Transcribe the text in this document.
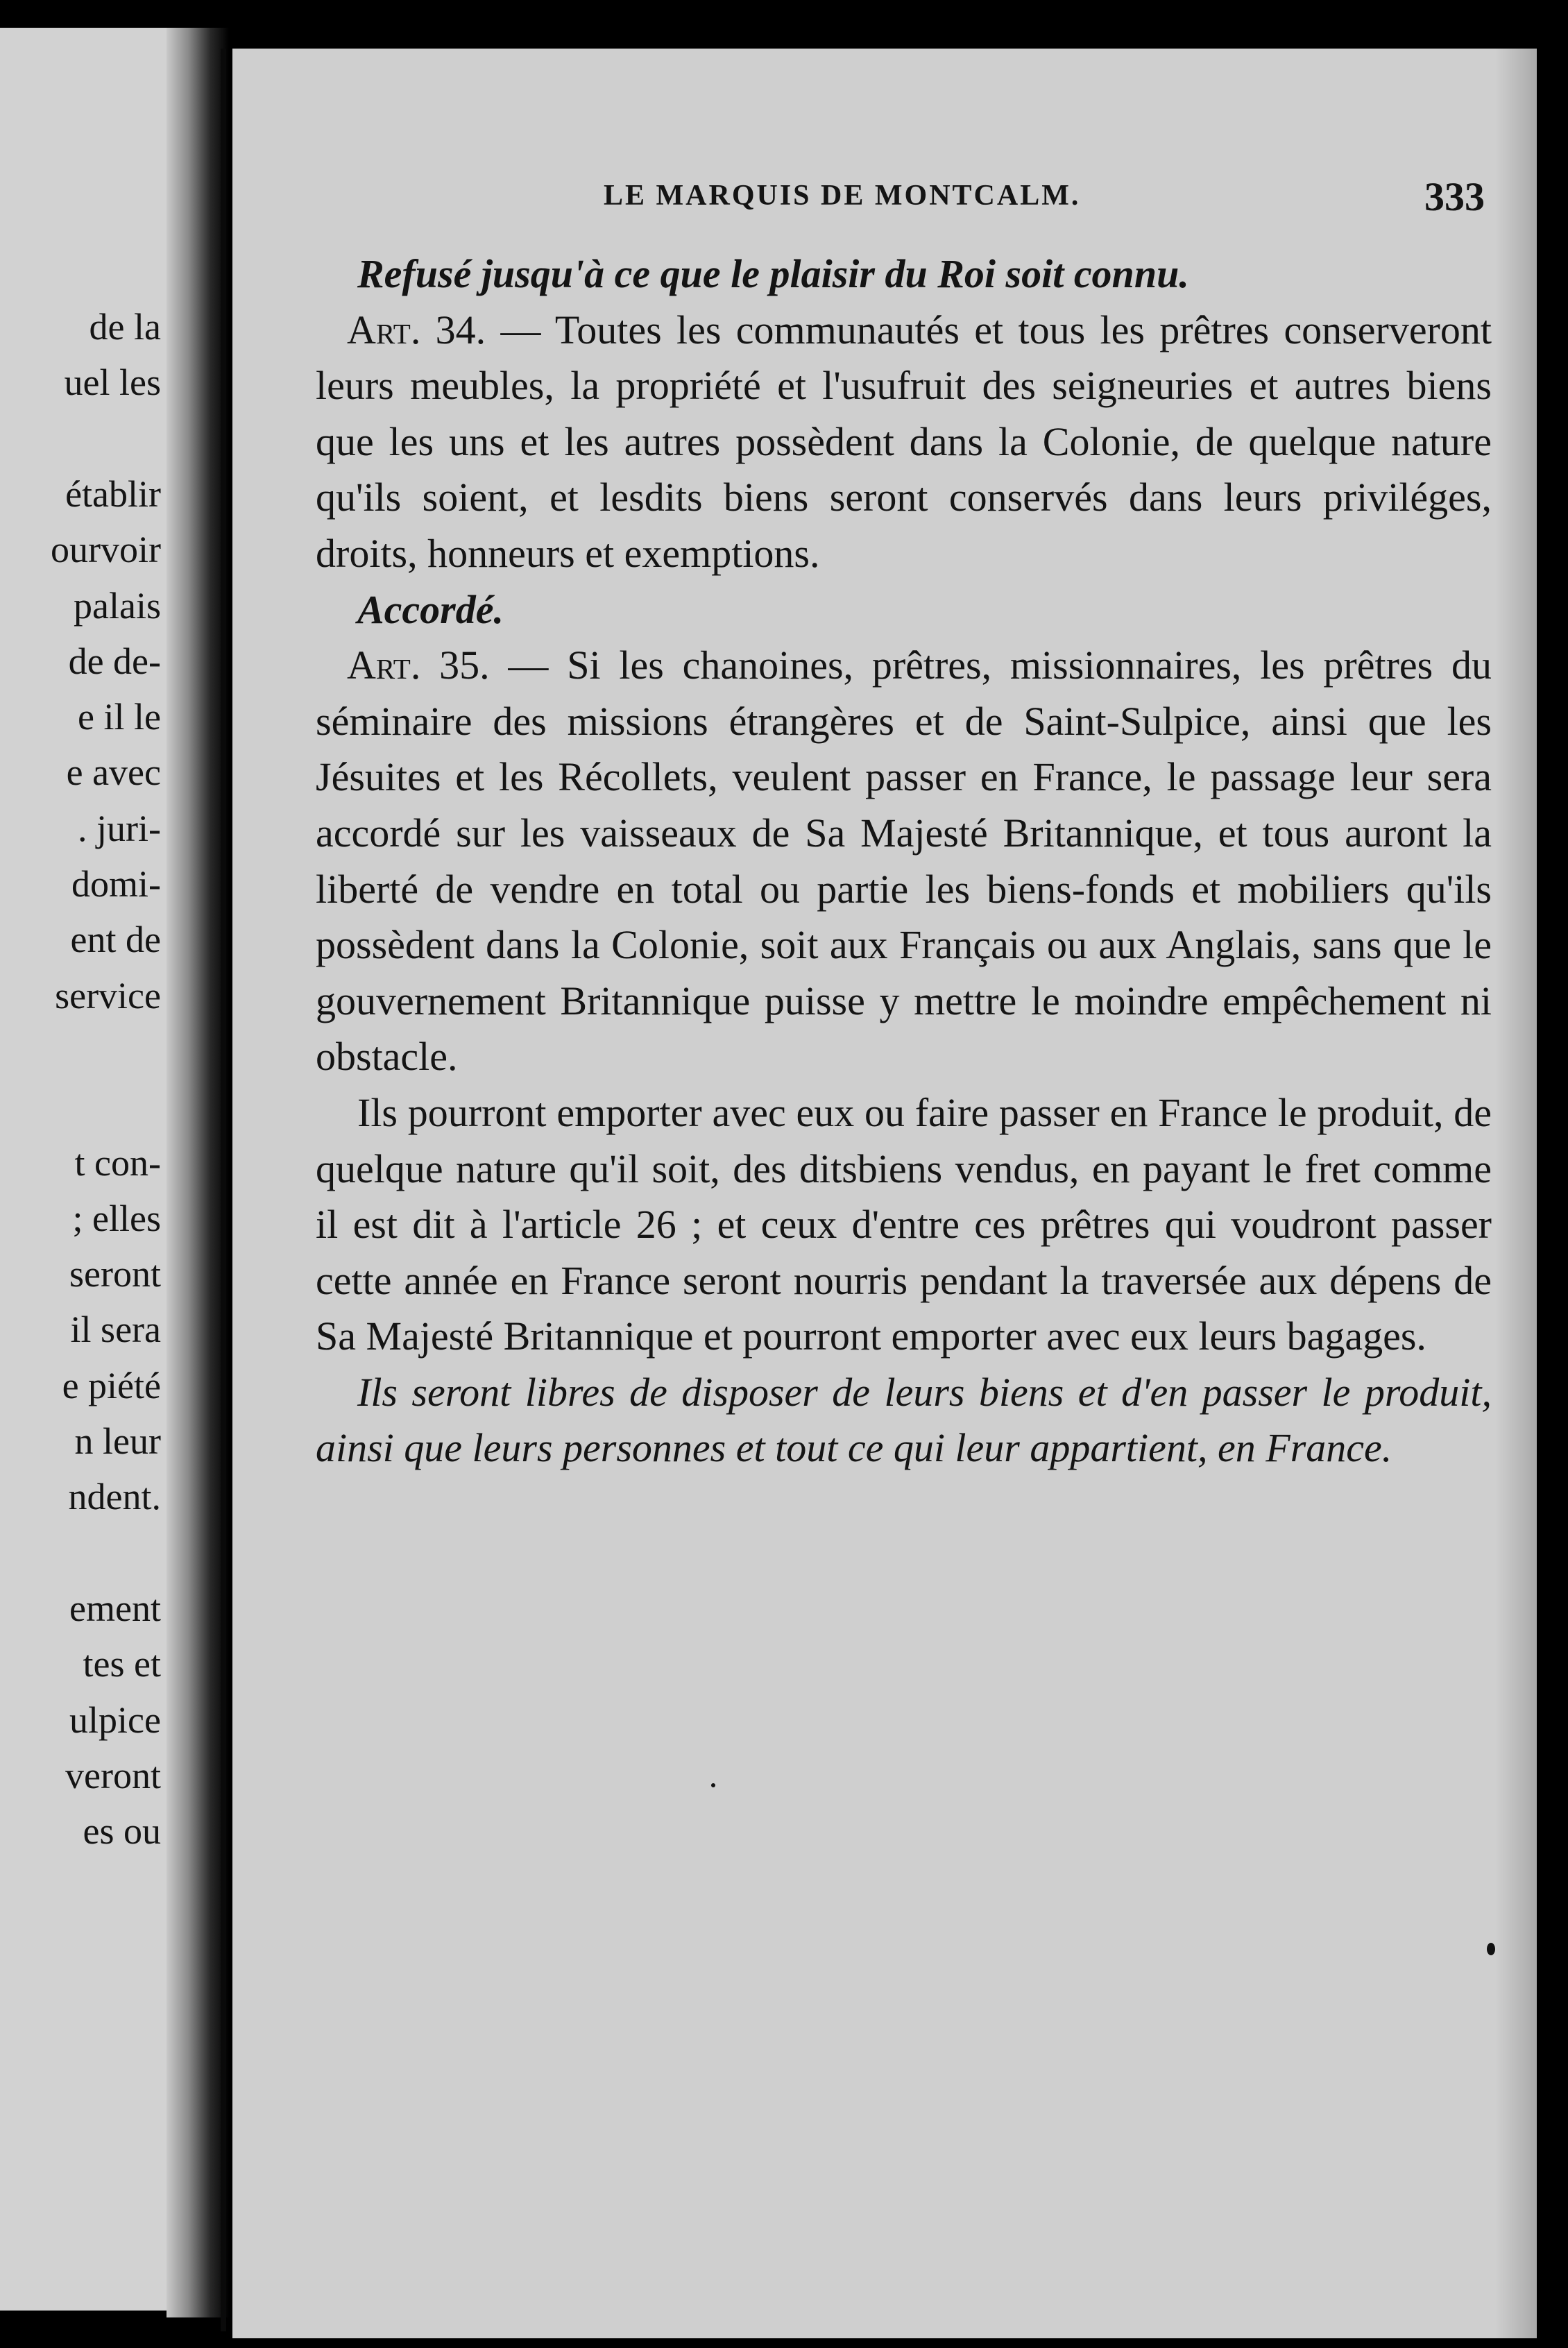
de la
uel les
établir
ourvoir
palais
de de-
e il le
e avec
. juri-
domi-
ent de
service
t con-
; elles
seront
il sera
e piété
n leur
ndent.
ement
tes et
ulpice
veront
es ou
LE MARQUIS DE MONTCALM.	333

Refusé jusqu'à ce que le plaisir du Roi soit connu.

Art. 34. — Toutes les communautés et tous les prêtres conserveront leurs meubles, la propriété et l'usufruit des seigneuries et autres biens que les uns et les autres possèdent dans la Colonie, de quelque nature qu'ils soient, et lesdits biens seront conservés dans leurs priviléges, droits, honneurs et exemptions.

Accordé.

Art. 35. — Si les chanoines, prêtres, missionnaires, les prêtres du séminaire des missions étrangères et de Saint-Sulpice, ainsi que les Jésuites et les Récollets, veulent passer en France, le passage leur sera accordé sur les vaisseaux de Sa Majesté Britannique, et tous auront la liberté de vendre en total ou partie les biens-fonds et mobiliers qu'ils possèdent dans la Colonie, soit aux Français ou aux Anglais, sans que le gouvernement Britannique puisse y mettre le moindre empêchement ni obstacle.

Ils pourront emporter avec eux ou faire passer en France le produit, de quelque nature qu'il soit, des ditsbiens vendus, en payant le fret comme il est dit à l'article 26 ; et ceux d'entre ces prêtres qui voudront passer cette année en France seront nourris pendant la traversée aux dépens de Sa Majesté Britannique et pourront emporter avec eux leurs bagages.

Ils seront libres de disposer de leurs biens et d'en passer le produit, ainsi que leurs personnes et tout ce qui leur appartient, en France.
